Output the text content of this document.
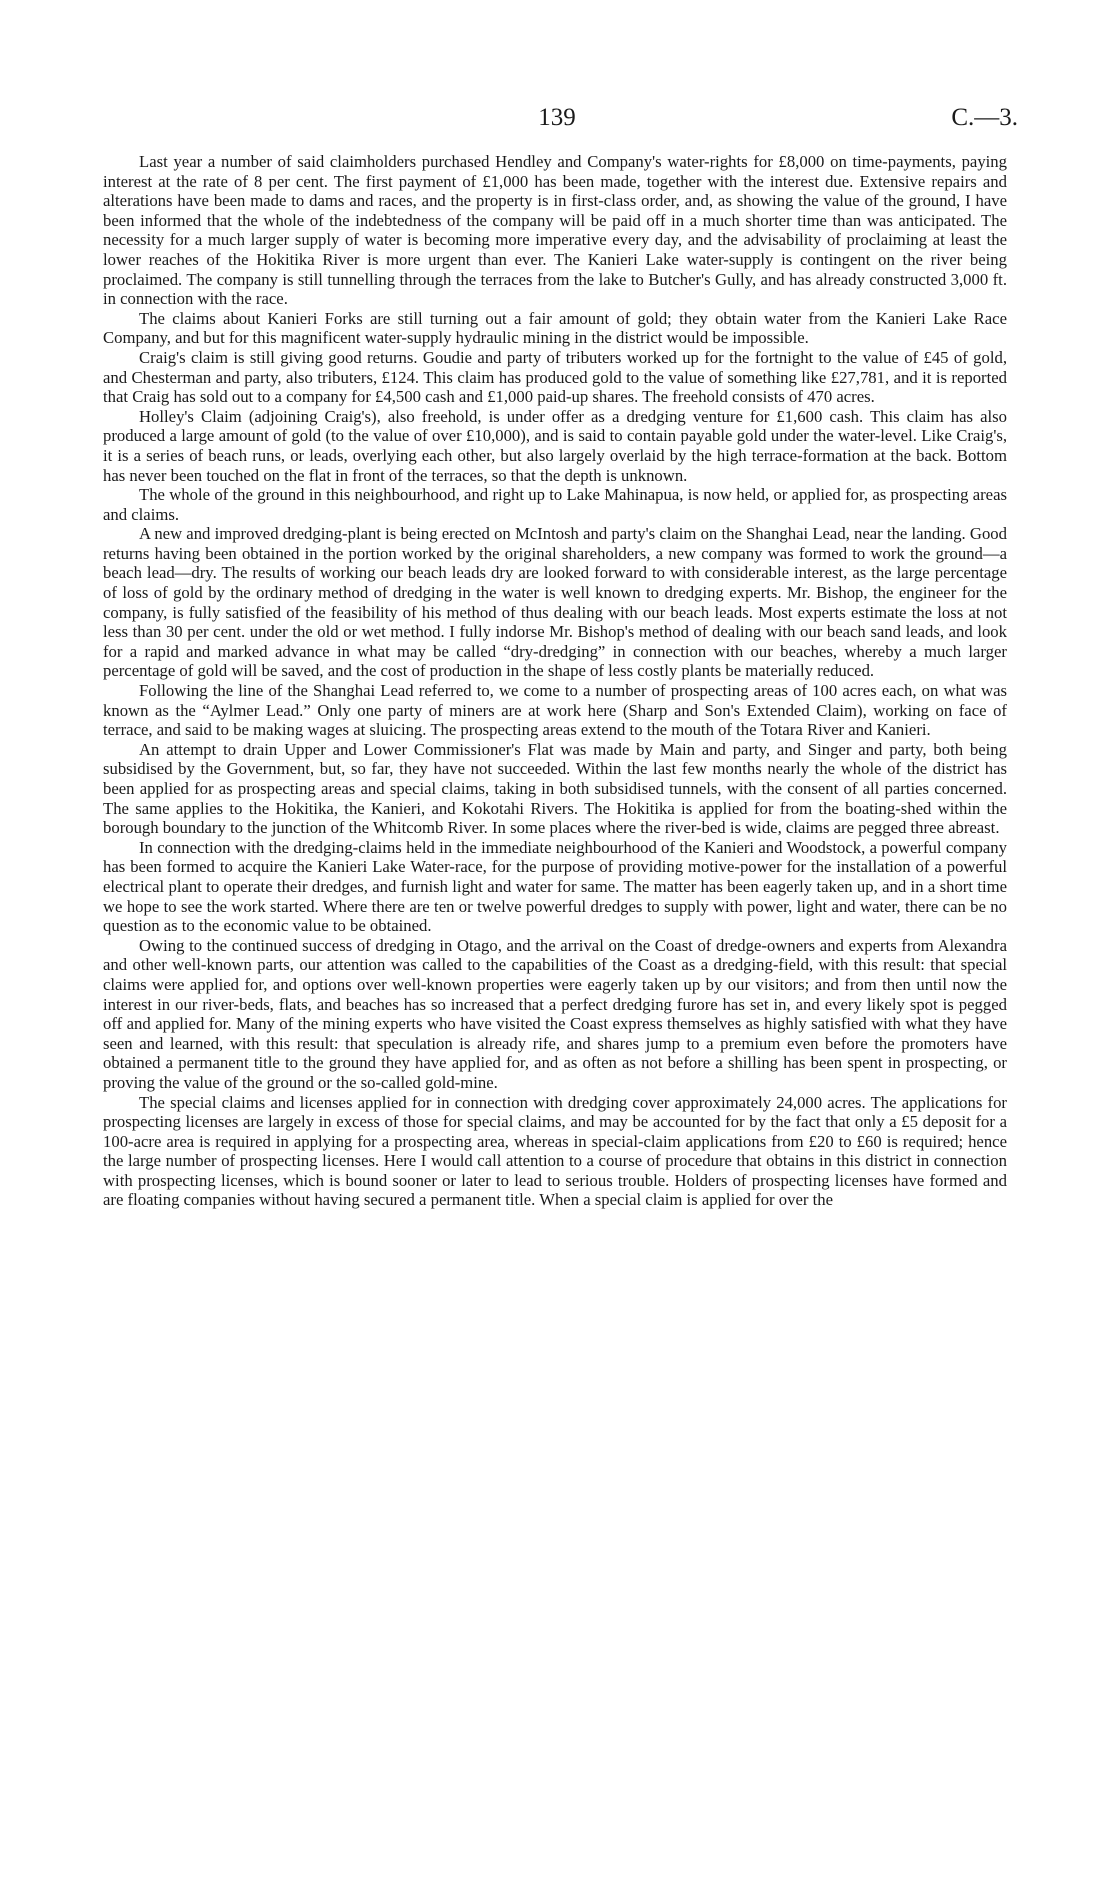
139	C.—3.

Last year a number of said claimholders purchased Hendley and Company's water-rights for £8,000 on time-payments, paying interest at the rate of 8 per cent. The first payment of £1,000 has been made, together with the interest due. Extensive repairs and alterations have been made to dams and races, and the property is in first-class order, and, as showing the value of the ground, I have been informed that the whole of the indebtedness of the company will be paid off in a much shorter time than was anticipated. The necessity for a much larger supply of water is becoming more imperative every day, and the advisability of proclaiming at least the lower reaches of the Hokitika River is more urgent than ever. The Kanieri Lake water-supply is contingent on the river being proclaimed. The company is still tunnelling through the terraces from the lake to Butcher's Gully, and has already constructed 3,000 ft. in connection with the race.

The claims about Kanieri Forks are still turning out a fair amount of gold; they obtain water from the Kanieri Lake Race Company, and but for this magnificent water-supply hydraulic mining in the district would be impossible.

Craig's claim is still giving good returns. Goudie and party of tributers worked up for the fortnight to the value of £45 of gold, and Chesterman and party, also tributers, £124. This claim has produced gold to the value of something like £27,781, and it is reported that Craig has sold out to a company for £4,500 cash and £1,000 paid-up shares. The freehold consists of 470 acres.

Holley's Claim (adjoining Craig's), also freehold, is under offer as a dredging venture for £1,600 cash. This claim has also produced a large amount of gold (to the value of over £10,000), and is said to contain payable gold under the water-level. Like Craig's, it is a series of beach runs, or leads, overlying each other, but also largely overlaid by the high terrace-formation at the back. Bottom has never been touched on the flat in front of the terraces, so that the depth is unknown.

The whole of the ground in this neighbourhood, and right up to Lake Mahinapua, is now held, or applied for, as prospecting areas and claims.

A new and improved dredging-plant is being erected on McIntosh and party's claim on the Shanghai Lead, near the landing. Good returns having been obtained in the portion worked by the original shareholders, a new company was formed to work the ground—a beach lead—dry. The results of working our beach leads dry are looked forward to with considerable interest, as the large percentage of loss of gold by the ordinary method of dredging in the water is well known to dredging experts. Mr. Bishop, the engineer for the company, is fully satisfied of the feasibility of his method of thus dealing with our beach leads. Most experts estimate the loss at not less than 30 per cent. under the old or wet method. I fully indorse Mr. Bishop's method of dealing with our beach sand leads, and look for a rapid and marked advance in what may be called “dry-dredging” in connection with our beaches, whereby a much larger percentage of gold will be saved, and the cost of production in the shape of less costly plants be materially reduced.

Following the line of the Shanghai Lead referred to, we come to a number of prospecting areas of 100 acres each, on what was known as the “Aylmer Lead.” Only one party of miners are at work here (Sharp and Son's Extended Claim), working on face of terrace, and said to be making wages at sluicing. The prospecting areas extend to the mouth of the Totara River and Kanieri.

An attempt to drain Upper and Lower Commissioner's Flat was made by Main and party, and Singer and party, both being subsidised by the Government, but, so far, they have not succeeded. Within the last few months nearly the whole of the district has been applied for as prospecting areas and special claims, taking in both subsidised tunnels, with the consent of all parties concerned. The same applies to the Hokitika, the Kanieri, and Kokotahi Rivers. The Hokitika is applied for from the boating-shed within the borough boundary to the junction of the Whitcomb River. In some places where the river-bed is wide, claims are pegged three abreast.

In connection with the dredging-claims held in the immediate neighbourhood of the Kanieri and Woodstock, a powerful company has been formed to acquire the Kanieri Lake Water-race, for the purpose of providing motive-power for the installation of a powerful electrical plant to operate their dredges, and furnish light and water for same. The matter has been eagerly taken up, and in a short time we hope to see the work started. Where there are ten or twelve powerful dredges to supply with power, light and water, there can be no question as to the economic value to be obtained.

Owing to the continued success of dredging in Otago, and the arrival on the Coast of dredge-owners and experts from Alexandra and other well-known parts, our attention was called to the capabilities of the Coast as a dredging-field, with this result: that special claims were applied for, and options over well-known properties were eagerly taken up by our visitors; and from then until now the interest in our river-beds, flats, and beaches has so increased that a perfect dredging furore has set in, and every likely spot is pegged off and applied for. Many of the mining experts who have visited the Coast express themselves as highly satisfied with what they have seen and learned, with this result: that speculation is already rife, and shares jump to a premium even before the promoters have obtained a permanent title to the ground they have applied for, and as often as not before a shilling has been spent in prospecting, or proving the value of the ground or the so-called gold-mine.

The special claims and licenses applied for in connection with dredging cover approximately 24,000 acres. The applications for prospecting licenses are largely in excess of those for special claims, and may be accounted for by the fact that only a £5 deposit for a 100-acre area is required in applying for a prospecting area, whereas in special-claim applications from £20 to £60 is required; hence the large number of prospecting licenses. Here I would call attention to a course of procedure that obtains in this district in connection with prospecting licenses, which is bound sooner or later to lead to serious trouble. Holders of prospecting licenses have formed and are floating companies without having secured a permanent title. When a special claim is applied for over the
